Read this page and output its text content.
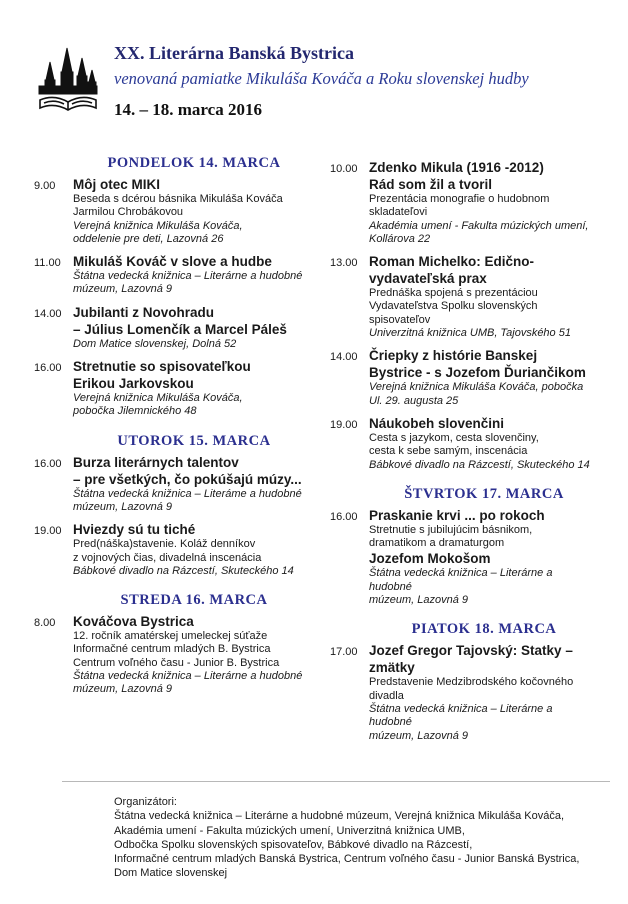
XX. Literárna Banská Bystrica
venovaná pamiatke Mikuláša Kováča a Roku slovenskej hudby
14. – 18. marca 2016
PONDELOK 14. MARCA
9.00	Môj otec MIKI
Beseda s dcérou básnika Mikuláša Kováča
Jarmilou Chrobákovou
Verejná knižnica Mikuláša Kováča,
oddelenie pre deti, Lazovná 26
11.00 Mikuláš Kováč v slove a hudbe
Štátna vedecká knižnica – Literárne a hudobné
múzeum, Lazovná 9
14.00 Jubilanti z Novohradu
– Július Lomenčík a Marcel Páleš
Dom Matice slovenskej, Dolná 52
16.00 Stretnutie so spisovateľkou
Erikou Jarkovskou
Verejná knižnica Mikuláša Kováča,
pobočka Jilemnického 48
UTOROK 15. MARCA
16.00 Burza literárnych talentov
– pre všetkých, čo pokúšajú múzy...
Štátna vedecká knižnica – Literáme a hudobné
múzeum, Lazovná 9
19.00 Hviezdy sú tu tiché
Pred(náška)stavenie. Koláž denníkov
z vojnových čias, divadelná inscenácia
Bábkové divadlo na Rázcestí, Skuteckého 14
STREDA 16. MARCA
8.00	Kováčova Bystrica
12. ročník amatérskej umeleckej súťaže
Informačné centrum mladých B. Bystrica
Centrum voľného času - Junior B. Bystrica
Štátna vedecká knižnica – Literárne a hudobné
múzeum, Lazovná 9
10.00 Zdenko Mikula (1916 -2012)
Rád som žil a tvoril
Prezentácia monografie o hudobnom
skladateľovi
Akadémia umení - Fakulta múzických umení,
Kollárova 22
13.00 Roman Michelko: Edično-
vydavateľská prax
Prednáška spojená s prezentáciou
Vydavateľstva Spolku slovenských spisovateľov
Univerzitná knižnica UMB, Tajovského 51
14.00 Čriepky z histórie Banskej
Bystrice - s Jozefom Ďuriančikom
Verejná knižnica Mikuláša Kováča, pobočka
Ul. 29. augusta 25
19.00 Náukobeh slovenčini
Cesta s jazykom, cesta slovenčiny,
cesta k sebe samým, inscenácia
Bábkové divadlo na Rázcestí, Skuteckého 14
ŠTVRTOK 17. MARCA
16.00 Praskanie krvi ... po rokoch
Stretnutie s jubilujúcim básnikom,
dramatikom a dramaturgom
Jozefom Mokošom
Štátna vedecká knižnica – Literárne a hudobné
múzeum, Lazovná 9
PIATOK 18. MARCA
17.00 Jozef Gregor Tajovský: Statky –
zmätky
Predstavenie Medzibrodského kočovného
divadla
Štátna vedecká knižnica – Literárne a hudobné
múzeum, Lazovná 9
Organizátori:
Štátna vedecká knižnica – Literárne a hudobné múzeum, Verejná knižnica Mikuláša Kováča,
Akadémia umení - Fakulta múzických umení, Univerzitná knižnica UMB,
Odbočka Spolku slovenských spisovateľov, Bábkové divadlo na Rázcestí,
Informačné centrum mladých Banská Bystrica, Centrum voľného času - Junior Banská Bystrica,
Dom Matice slovenskej
